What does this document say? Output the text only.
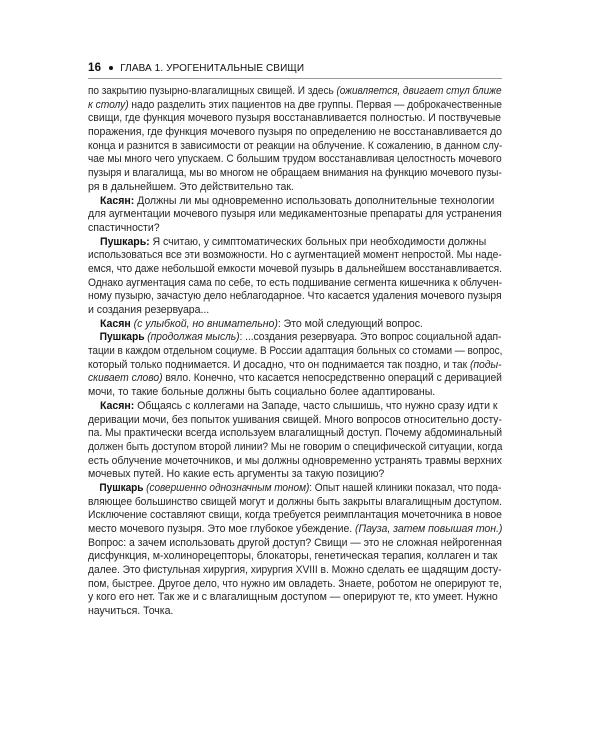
16 ГЛАВА 1. УРОГЕНИТАЛЬНЫЕ СВИЩИ
по закрытию пузырно-влагалищных свищей. И здесь (оживляется, двигает стул ближе
к столу) надо разделить этих пациентов на две группы. Первая — доброкачественные
свищи, где функция мочевого пузыря восстанавливается полностью. И поствучевые
поражения, где функция мочевого пузыря по определению не восстанавливается до
конца и разнится в зависимости от реакции на облучение. К сожалению, в данном слу-
чае мы много чего упускаем. С большим трудом восстанавливая целостность мочевого
пузыря и влагалища, мы во многом не обращаем внимания на функцию мочевого пузы-
ря в дальнейшем. Это действительно так.
Касян: Должны ли мы одновременно использовать дополнительные технологии
для аугментации мочевого пузыря или медикаментозные препараты для устранения
спастичности?
Пушкарь: Я считаю, у симптоматических больных при необходимости должны
использоваться все эти возможности. Но с аугментацией момент непростой. Мы наде-
емся, что даже небольшой емкости мочевой пузырь в дальнейшем восстанавливается.
Однако аугментация сама по себе, то есть подшивание сегмента кишечника к облучен-
ному пузырю, зачастую дело неблагодарное. Что касается удаления мочевого пузыря
и создания резервуара...
Касян (с улыбкой, но внимательно): Это мой следующий вопрос.
Пушкарь (продолжая мысль): ...создания резервуара. Это вопрос социальной адап-
тации в каждом отдельном социуме. В России адаптация больных со стомами — вопрос,
который только поднимается. И досадно, что он поднимается так поздно, и так (поды-
скивает слово) вяло. Конечно, что касается непосредственно операций с деривацией
мочи, то такие больные должны быть социально более адаптированы.
Касян: Общаясь с коллегами на Западе, часто слышишь, что нужно сразу идти к
деривации мочи, без попыток ушивания свищей. Много вопросов относительно досту-
па. Мы практически всегда используем влагалищный доступ. Почему абдоминальный
должен быть доступом второй линии? Мы не говорим о специфической ситуации, когда
есть облучение мочеточников, и мы должны одновременно устранять травмы верхних
мочевых путей. Но какие есть аргументы за такую позицию?
Пушкарь (совершенно однозначным тоном): Опыт нашей клиники показал, что пода-
вляющее большинство свищей могут и должны быть закрыты влагалищным доступом.
Исключение составляют свищи, когда требуется реимплантация мочеточника в новое
место мочевого пузыря. Это мое глубокое убеждение. (Пауза, затем повышая тон.)
Вопрос: а зачем использовать другой доступ? Свищи — это не сложная нейрогенная
дисфункция, м-холинорецепторы, блокаторы, генетическая терапия, коллаген и так
далее. Это фистульная хирургия, хирургия XVIII в. Можно сделать ее щадящим досту-
пом, быстрее. Другое дело, что нужно им овладеть. Знаете, роботом не оперируют те,
у кого его нет. Так же и с влагалищным доступом — оперируют те, кто умеет. Нужно
научиться. Точка.
